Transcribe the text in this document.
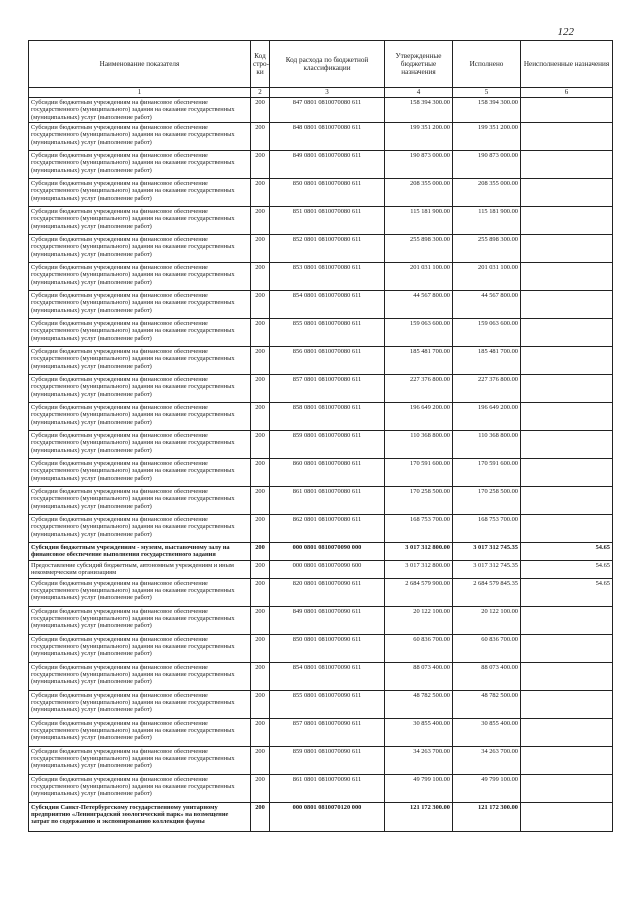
122
Наименование показателя	Код стро-ки	Код расхода по бюджетной классификации	Утвержденные бюджетные назначения	Исполнено	Неисполненные назначения
1	2	3	4	5	6
Субсидии бюджетным учреждениям на финансовое обеспечение государственного (муниципального) задания на оказание государственных (муниципальных) услуг (выполнение работ)	200	847 0801 0810070080 611	158 394 300.00	158 394 300.00	
Субсидии бюджетным учреждениям на финансовое обеспечение государственного (муниципального) задания на оказание государственных (муниципальных) услуг (выполнение работ)	200	848 0801 0810070080 611	199 351 200.00	199 351 200.00	
Субсидии бюджетным учреждениям на финансовое обеспечение государственного (муниципального) задания на оказание государственных (муниципальных) услуг (выполнение работ)	200	849 0801 0810070080 611	190 873 000.00	190 873 000.00	
Субсидии бюджетным учреждениям на финансовое обеспечение государственного (муниципального) задания на оказание государственных (муниципальных) услуг (выполнение работ)	200	850 0801 0810070080 611	208 355 000.00	208 355 000.00	
Субсидии бюджетным учреждениям на финансовое обеспечение государственного (муниципального) задания на оказание государственных (муниципальных) услуг (выполнение работ)	200	851 0801 0810070080 611	115 181 900.00	115 181 900.00	
Субсидии бюджетным учреждениям на финансовое обеспечение государственного (муниципального) задания на оказание государственных (муниципальных) услуг (выполнение работ)	200	852 0801 0810070080 611	255 898 300.00	255 898 300.00	
Субсидии бюджетным учреждениям на финансовое обеспечение государственного (муниципального) задания на оказание государственных (муниципальных) услуг (выполнение работ)	200	853 0801 0810070080 611	201 031 100.00	201 031 100.00	
Субсидии бюджетным учреждениям на финансовое обеспечение государственного (муниципального) задания на оказание государственных (муниципальных) услуг (выполнение работ)	200	854 0801 0810070080 611	44 567 800.00	44 567 800.00	
Субсидии бюджетным учреждениям на финансовое обеспечение государственного (муниципального) задания на оказание государственных (муниципальных) услуг (выполнение работ)	200	855 0801 0810070080 611	159 063 600.00	159 063 600.00	
Субсидии бюджетным учреждениям на финансовое обеспечение государственного (муниципального) задания на оказание государственных (муниципальных) услуг (выполнение работ)	200	856 0801 0810070080 611	185 481 700.00	185 481 700.00	
Субсидии бюджетным учреждениям на финансовое обеспечение государственного (муниципального) задания на оказание государственных (муниципальных) услуг (выполнение работ)	200	857 0801 0810070080 611	227 376 800.00	227 376 800.00	
Субсидии бюджетным учреждениям на финансовое обеспечение государственного (муниципального) задания на оказание государственных (муниципальных) услуг (выполнение работ)	200	858 0801 0810070080 611	196 649 200.00	196 649 200.00	
Субсидии бюджетным учреждениям на финансовое обеспечение государственного (муниципального) задания на оказание государственных (муниципальных) услуг (выполнение работ)	200	859 0801 0810070080 611	110 368 800.00	110 368 800.00	
Субсидии бюджетным учреждениям на финансовое обеспечение государственного (муниципального) задания на оказание государственных (муниципальных) услуг (выполнение работ)	200	860 0801 0810070080 611	170 591 600.00	170 591 600.00	
Субсидии бюджетным учреждениям на финансовое обеспечение государственного (муниципального) задания на оказание государственных (муниципальных) услуг (выполнение работ)	200	861 0801 0810070080 611	170 258 500.00	170 258 500.00	
Субсидии бюджетным учреждениям на финансовое обеспечение государственного (муниципального) задания на оказание государственных (муниципальных) услуг (выполнение работ)	200	862 0801 0810070080 611	168 753 700.00	168 753 700.00	
Субсидии бюджетным учреждениям - музеям, выставочному залу на финансовое обеспечение выполнения государственного задания	200	000 0801 0810070090 000	3 017 312 800.00	3 017 312 745.35	54.65
Предоставление субсидий бюджетным, автономным учреждениям и иным некоммерческим организациям	200	000 0801 0810070090 600	3 017 312 800.00	3 017 312 745.35	54.65
Субсидии бюджетным учреждениям на финансовое обеспечение государственного (муниципального) задания на оказание государственных (муниципальных) услуг (выполнение работ)	200	820 0801 0810070090 611	2 684 579 900.00	2 684 579 845.35	54.65
Субсидии бюджетным учреждениям на финансовое обеспечение государственного (муниципального) задания на оказание государственных (муниципальных) услуг (выполнение работ)	200	849 0801 0810070090 611	20 122 100.00	20 122 100.00	
Субсидии бюджетным учреждениям на финансовое обеспечение государственного (муниципального) задания на оказание государственных (муниципальных) услуг (выполнение работ)	200	850 0801 0810070090 611	60 836 700.00	60 836 700.00	
Субсидии бюджетным учреждениям на финансовое обеспечение государственного (муниципального) задания на оказание государственных (муниципальных) услуг (выполнение работ)	200	854 0801 0810070090 611	88 073 400.00	88 073 400.00	
Субсидии бюджетным учреждениям на финансовое обеспечение государственного (муниципального) задания на оказание государственных (муниципальных) услуг (выполнение работ)	200	855 0801 0810070090 611	48 782 500.00	48 782 500.00	
Субсидии бюджетным учреждениям на финансовое обеспечение государственного (муниципального) задания на оказание государственных (муниципальных) услуг (выполнение работ)	200	857 0801 0810070090 611	30 855 400.00	30 855 400.00	
Субсидии бюджетным учреждениям на финансовое обеспечение государственного (муниципального) задания на оказание государственных (муниципальных) услуг (выполнение работ)	200	859 0801 0810070090 611	34 263 700.00	34 263 700.00	
Субсидии бюджетным учреждениям на финансовое обеспечение государственного (муниципального) задания на оказание государственных (муниципальных) услуг (выполнение работ)	200	861 0801 0810070090 611	49 799 100.00	49 799 100.00	
Субсидии Санкт-Петербургскому государственному унитарному предприятию «Ленинградский зоологический парк» на возмещение затрат по содержанию и экспонированию коллекции фауны	200	000 0801 0810070120 000	121 172 300.00	121 172 300.00	
